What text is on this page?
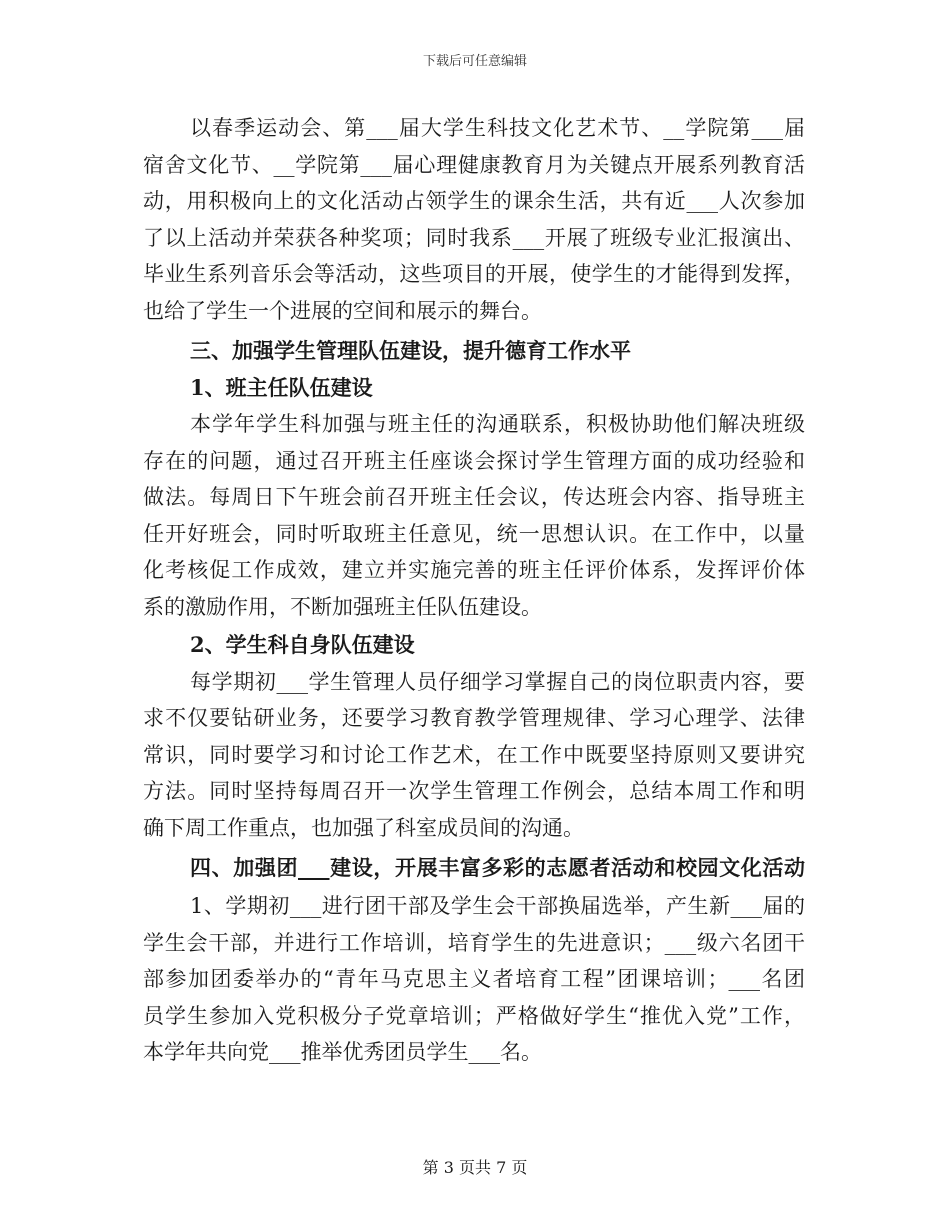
下载后可任意编辑
以春季运动会、第___届大学生科技文化艺术节、__学院第___届
宿舍文化节、__学院第___届心理健康教育月为关键点开展系列教育活
动，用积极向上的文化活动占领学生的课余生活，共有近___人次参加
了以上活动并荣获各种奖项；同时我系___开展了班级专业汇报演出、
毕业生系列音乐会等活动，这些项目的开展，使学生的才能得到发挥，
也给了学生一个进展的空间和展示的舞台。
三、加强学生管理队伍建设，提升德育工作水平
1、班主任队伍建设
本学年学生科加强与班主任的沟通联系，积极协助他们解决班级
存在的问题，通过召开班主任座谈会探讨学生管理方面的成功经验和
做法。每周日下午班会前召开班主任会议，传达班会内容、指导班主
任开好班会，同时听取班主任意见，统一思想认识。在工作中，以量
化考核促工作成效，建立并实施完善的班主任评价体系，发挥评价体
系的激励作用，不断加强班主任队伍建设。
2、学生科自身队伍建设
每学期初___学生管理人员仔细学习掌握自己的岗位职责内容，要
求不仅要钻研业务，还要学习教育教学管理规律、学习心理学、法律
常识，同时要学习和讨论工作艺术，在工作中既要坚持原则又要讲究
方法。同时坚持每周召开一次学生管理工作例会，总结本周工作和明
确下周工作重点，也加强了科室成员间的沟通。
四、加强团___建设，开展丰富多彩的志愿者活动和校园文化活动
1、学期初___进行团干部及学生会干部换届选举，产生新___届的
学生会干部，并进行工作培训，培育学生的先进意识；___级六名团干
部参加团委举办的“青年马克思主义者培育工程”团课培训；___名团
员学生参加入党积极分子党章培训；严格做好学生“推优入党”工作，
本学年共向党___推举优秀团员学生___名。
第 3 页共 7 页
